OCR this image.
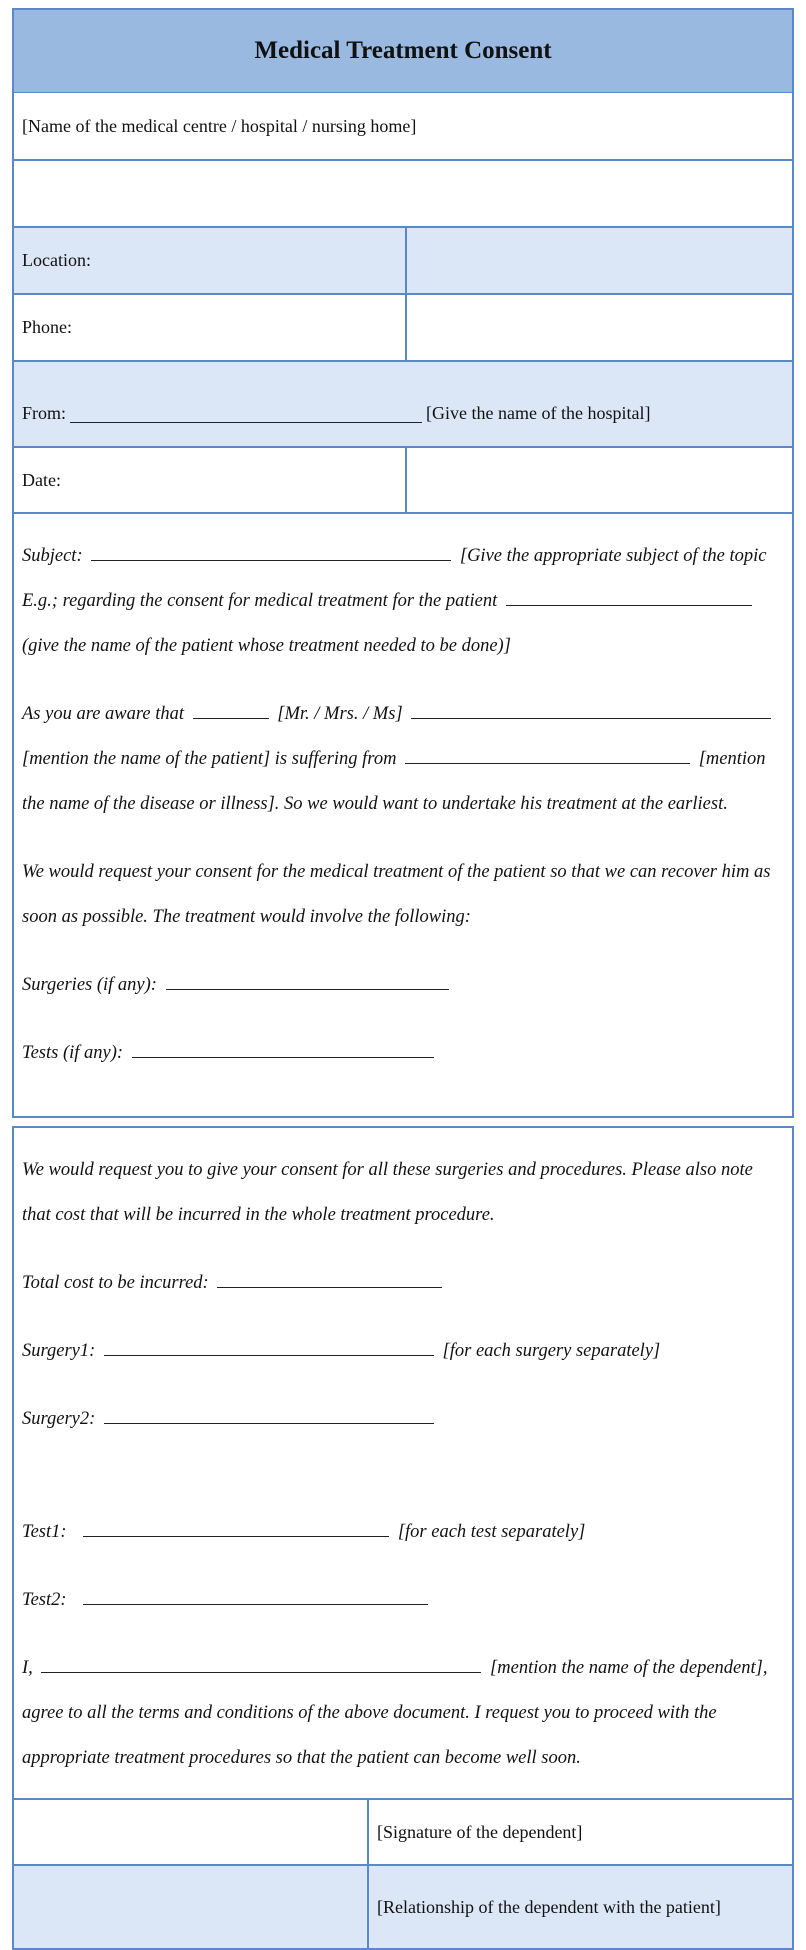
Medical Treatment Consent
[Name of the medical centre / hospital / nursing home]
Location:
Phone:
From:	[Give the name of the hospital]
Date:

Subject:	[Give the appropriate subject of the topic
E.g.; regarding the consent for medical treatment for the patient
(give the name of the patient whose treatment needed to be done)]

As you are aware that	[Mr. / Mrs. / Ms]
[mention the name of the patient] is suffering from	[mention
the name of the disease or illness]. So we would want to undertake his treatment at the earliest.

We would request your consent for the medical treatment of the patient so that we can recover him as soon as possible. The treatment would involve the following:

Surgeries (if any):

Tests (if any):

We would request you to give your consent for all these surgeries and procedures. Please also note that cost that will be incurred in the whole treatment procedure.

Total cost to be incurred:

Surgery1:	[for each surgery separately]

Surgery2:

Test1:	[for each test separately]

Test2:

I,	[mention the name of the dependent],
agree to all the terms and conditions of the above document. I request you to proceed with the appropriate treatment procedures so that the patient can become well soon.

[Signature of the dependent]
[Relationship of the dependent with the patient]
